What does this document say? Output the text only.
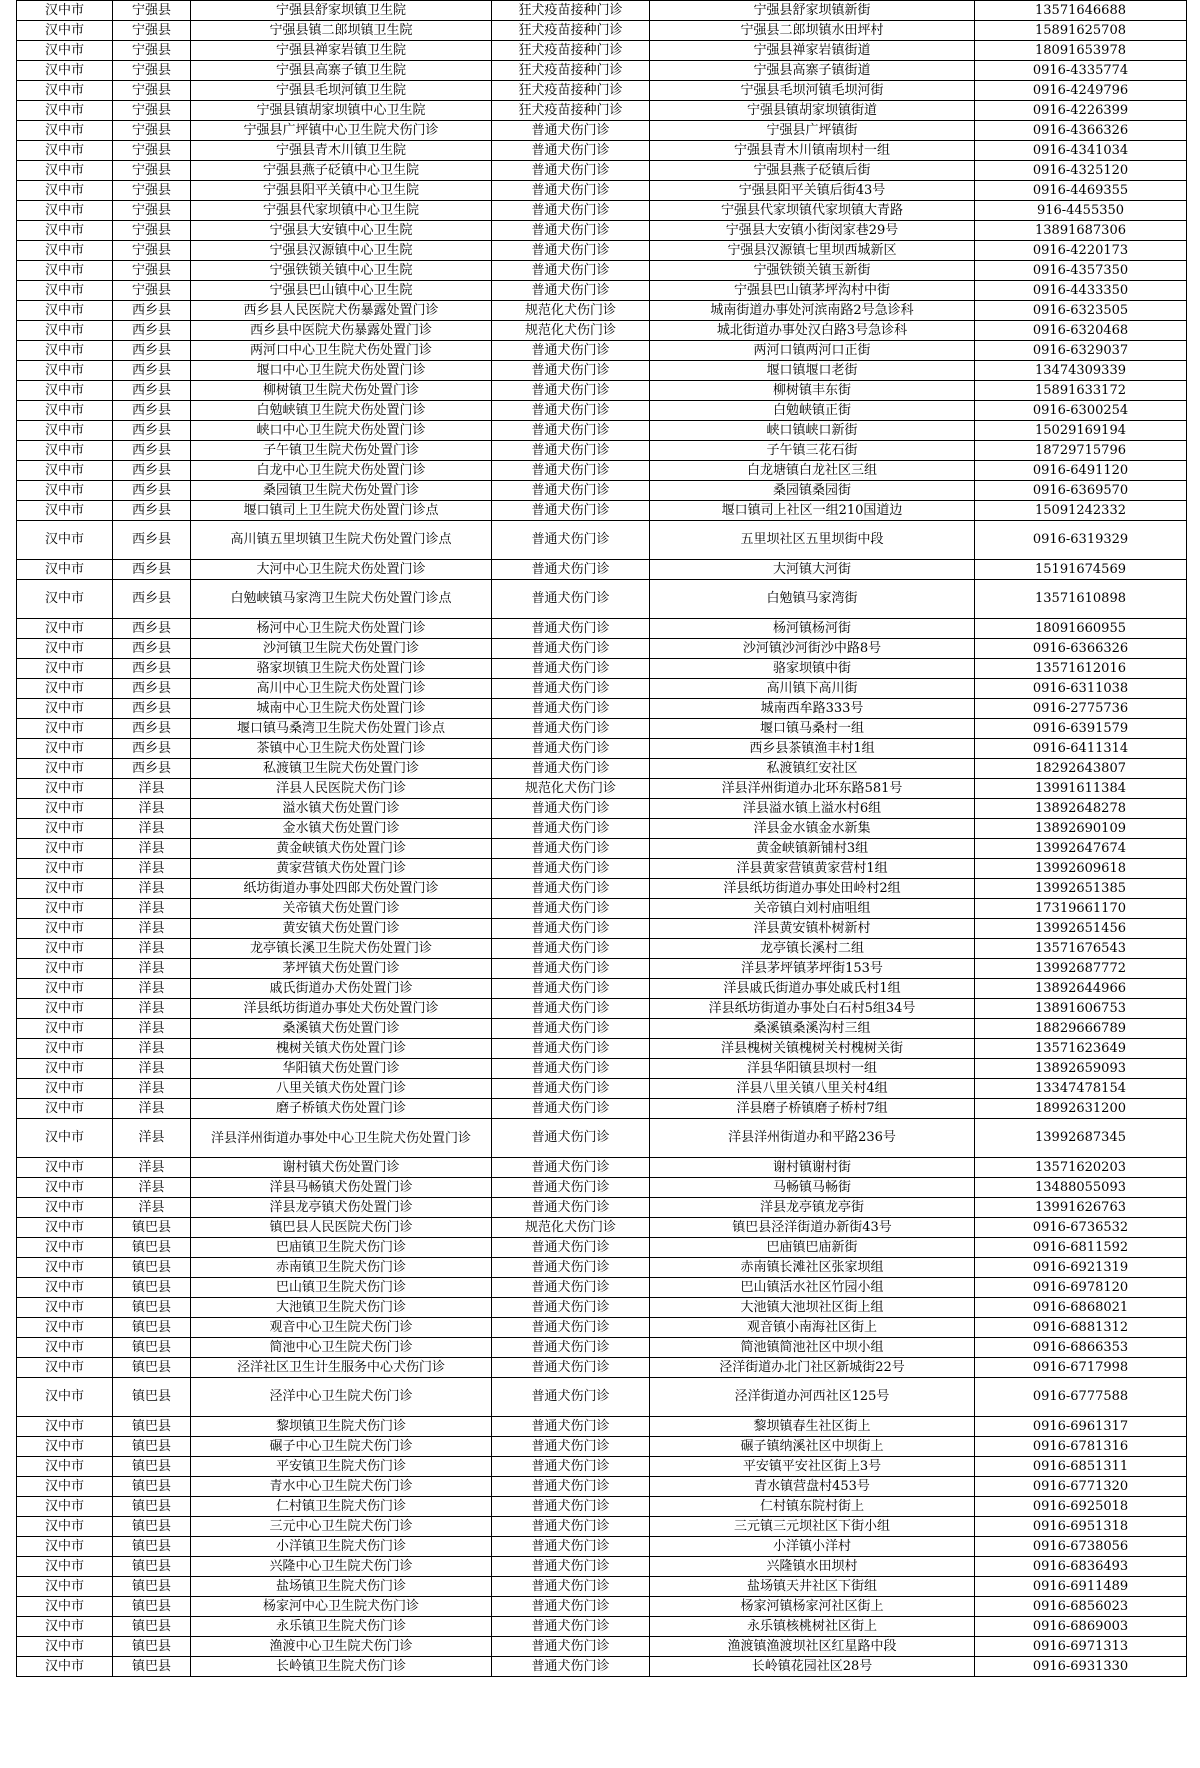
汉中市	宁强县	宁强县舒家坝镇卫生院	狂犬疫苗接种门诊	宁强县舒家坝镇新街	13571646688
汉中市	宁强县	宁强县镇二郎坝镇卫生院	狂犬疫苗接种门诊	宁强县二郎坝镇水田坪村	15891625708
汉中市	宁强县	宁强县禅家岩镇卫生院	狂犬疫苗接种门诊	宁强县禅家岩镇街道	18091653978
汉中市	宁强县	宁强县高寨子镇卫生院	狂犬疫苗接种门诊	宁强县高寨子镇街道	0916-4335774
汉中市	宁强县	宁强县毛坝河镇卫生院	狂犬疫苗接种门诊	宁强县毛坝河镇毛坝河街	0916-4249796
汉中市	宁强县	宁强县镇胡家坝镇中心卫生院	狂犬疫苗接种门诊	宁强县镇胡家坝镇街道	0916-4226399
汉中市	宁强县	宁强县广坪镇中心卫生院犬伤门诊	普通犬伤门诊	宁强县广坪镇街	0916-4366326
汉中市	宁强县	宁强县青木川镇卫生院	普通犬伤门诊	宁强县青木川镇南坝村一组	0916-4341034
汉中市	宁强县	宁强县燕子砭镇中心卫生院	普通犬伤门诊	宁强县燕子砭镇后街	0916-4325120
汉中市	宁强县	宁强县阳平关镇中心卫生院	普通犬伤门诊	宁强县阳平关镇后街43号	0916-4469355
汉中市	宁强县	宁强县代家坝镇中心卫生院	普通犬伤门诊	宁强县代家坝镇代家坝镇大青路	916-4455350
汉中市	宁强县	宁强县大安镇中心卫生院	普通犬伤门诊	宁强县大安镇小街闵家巷29号	13891687306
汉中市	宁强县	宁强县汉源镇中心卫生院	普通犬伤门诊	宁强县汉源镇七里坝西城新区	0916-4220173
汉中市	宁强县	宁强铁锁关镇中心卫生院	普通犬伤门诊	宁强铁锁关镇玉新街	0916-4357350
汉中市	宁强县	宁强县巴山镇中心卫生院	普通犬伤门诊	宁强县巴山镇茅坪沟村中街	0916-4433350
汉中市	西乡县	西乡县人民医院犬伤暴露处置门诊	规范化犬伤门诊	城南街道办事处河滨南路2号急诊科	0916-6323505
汉中市	西乡县	西乡县中医院犬伤暴露处置门诊	规范化犬伤门诊	城北街道办事处汉白路3号急诊科	0916-6320468
汉中市	西乡县	两河口中心卫生院犬伤处置门诊	普通犬伤门诊	两河口镇两河口正街	0916-6329037
汉中市	西乡县	堰口中心卫生院犬伤处置门诊	普通犬伤门诊	堰口镇堰口老街	13474309339
汉中市	西乡县	柳树镇卫生院犬伤处置门诊	普通犬伤门诊	柳树镇丰东街	15891633172
汉中市	西乡县	白勉峡镇卫生院犬伤处置门诊	普通犬伤门诊	白勉峡镇正街	0916-6300254
汉中市	西乡县	峡口中心卫生院犬伤处置门诊	普通犬伤门诊	峡口镇峡口新街	15029169194
汉中市	西乡县	子午镇卫生院犬伤处置门诊	普通犬伤门诊	子午镇三花石街	18729715796
汉中市	西乡县	白龙中心卫生院犬伤处置门诊	普通犬伤门诊	白龙塘镇白龙社区三组	0916-6491120
汉中市	西乡县	桑园镇卫生院犬伤处置门诊	普通犬伤门诊	桑园镇桑园街	0916-6369570
汉中市	西乡县	堰口镇司上卫生院犬伤处置门诊点	普通犬伤门诊	堰口镇司上社区一组210国道边	15091242332
汉中市	西乡县	高川镇五里坝镇卫生院犬伤处置门诊点	普通犬伤门诊	五里坝社区五里坝街中段	0916-6319329
汉中市	西乡县	大河中心卫生院犬伤处置门诊	普通犬伤门诊	大河镇大河街	15191674569
汉中市	西乡县	白勉峡镇马家湾卫生院犬伤处置门诊点	普通犬伤门诊	白勉镇马家湾街	13571610898
汉中市	西乡县	杨河中心卫生院犬伤处置门诊	普通犬伤门诊	杨河镇杨河街	18091660955
汉中市	西乡县	沙河镇卫生院犬伤处置门诊	普通犬伤门诊	沙河镇沙河街沙中路8号	0916-6366326
汉中市	西乡县	骆家坝镇卫生院犬伤处置门诊	普通犬伤门诊	骆家坝镇中街	13571612016
汉中市	西乡县	高川中心卫生院犬伤处置门诊	普通犬伤门诊	高川镇下高川街	0916-6311038
汉中市	西乡县	城南中心卫生院犬伤处置门诊	普通犬伤门诊	城南西牟路333号	0916-2775736
汉中市	西乡县	堰口镇马桑湾卫生院犬伤处置门诊点	普通犬伤门诊	堰口镇马桑村一组	0916-6391579
汉中市	西乡县	茶镇中心卫生院犬伤处置门诊	普通犬伤门诊	西乡县茶镇渔丰村1组	0916-6411314
汉中市	西乡县	私渡镇卫生院犬伤处置门诊	普通犬伤门诊	私渡镇红安社区	18292643807
汉中市	洋县	洋县人民医院犬伤门诊	规范化犬伤门诊	洋县洋州街道办北环东路581号	13991611384
汉中市	洋县	溢水镇犬伤处置门诊	普通犬伤门诊	洋县溢水镇上溢水村6组	13892648278
汉中市	洋县	金水镇犬伤处置门诊	普通犬伤门诊	洋县金水镇金水新集	13892690109
汉中市	洋县	黄金峡镇犬伤处置门诊	普通犬伤门诊	黄金峡镇新铺村3组	13992647674
汉中市	洋县	黄家营镇犬伤处置门诊	普通犬伤门诊	洋县黄家营镇黄家营村1组	13992609618
汉中市	洋县	纸坊街道办事处四郎犬伤处置门诊	普通犬伤门诊	洋县纸坊街道办事处田岭村2组	13992651385
汉中市	洋县	关帝镇犬伤处置门诊	普通犬伤门诊	关帝镇白刘村庙咀组	17319661170
汉中市	洋县	黄安镇犬伤处置门诊	普通犬伤门诊	洋县黄安镇朴树新村	13992651456
汉中市	洋县	龙亭镇长溪卫生院犬伤处置门诊	普通犬伤门诊	龙亭镇长溪村二组	13571676543
汉中市	洋县	茅坪镇犬伤处置门诊	普通犬伤门诊	洋县茅坪镇茅坪街153号	13992687772
汉中市	洋县	戚氏街道办犬伤处置门诊	普通犬伤门诊	洋县戚氏街道办事处戚氏村1组	13892644966
汉中市	洋县	洋县纸坊街道办事处犬伤处置门诊	普通犬伤门诊	洋县纸坊街道办事处白石村5组34号	13891606753
汉中市	洋县	桑溪镇犬伤处置门诊	普通犬伤门诊	桑溪镇桑溪沟村三组	18829666789
汉中市	洋县	槐树关镇犬伤处置门诊	普通犬伤门诊	洋县槐树关镇槐树关村槐树关街	13571623649
汉中市	洋县	华阳镇犬伤处置门诊	普通犬伤门诊	洋县华阳镇县坝村一组	13892659093
汉中市	洋县	八里关镇犬伤处置门诊	普通犬伤门诊	洋县八里关镇八里关村4组	13347478154
汉中市	洋县	磨子桥镇犬伤处置门诊	普通犬伤门诊	洋县磨子桥镇磨子桥村7组	18992631200
汉中市	洋县	洋县洋州街道办事处中心卫生院犬伤处置门诊	普通犬伤门诊	洋县洋州街道办和平路236号	13992687345
汉中市	洋县	谢村镇犬伤处置门诊	普通犬伤门诊	谢村镇谢村街	13571620203
汉中市	洋县	洋县马畅镇犬伤处置门诊	普通犬伤门诊	马畅镇马畅街	13488055093
汉中市	洋县	洋县龙亭镇犬伤处置门诊	普通犬伤门诊	洋县龙亭镇龙亭街	13991626763
汉中市	镇巴县	镇巴县人民医院犬伤门诊	规范化犬伤门诊	镇巴县泾洋街道办新街43号	0916-6736532
汉中市	镇巴县	巴庙镇卫生院犬伤门诊	普通犬伤门诊	巴庙镇巴庙新街	0916-6811592
汉中市	镇巴县	赤南镇卫生院犬伤门诊	普通犬伤门诊	赤南镇长滩社区张家坝组	0916-6921319
汉中市	镇巴县	巴山镇卫生院犬伤门诊	普通犬伤门诊	巴山镇活水社区竹园小组	0916-6978120
汉中市	镇巴县	大池镇卫生院犬伤门诊	普通犬伤门诊	大池镇大池坝社区街上组	0916-6868021
汉中市	镇巴县	观音中心卫生院犬伤门诊	普通犬伤门诊	观音镇小南海社区街上	0916-6881312
汉中市	镇巴县	简池中心卫生院犬伤门诊	普通犬伤门诊	简池镇简池社区中坝小组	0916-6866353
汉中市	镇巴县	泾洋社区卫生计生服务中心犬伤门诊	普通犬伤门诊	泾洋街道办北门社区新城街22号	0916-6717998
汉中市	镇巴县	泾洋中心卫生院犬伤门诊	普通犬伤门诊	泾洋街道办河西社区125号	0916-6777588
汉中市	镇巴县	黎坝镇卫生院犬伤门诊	普通犬伤门诊	黎坝镇春生社区街上	0916-6961317
汉中市	镇巴县	碾子中心卫生院犬伤门诊	普通犬伤门诊	碾子镇纳溪社区中坝街上	0916-6781316
汉中市	镇巴县	平安镇卫生院犬伤门诊	普通犬伤门诊	平安镇平安社区街上3号	0916-6851311
汉中市	镇巴县	青水中心卫生院犬伤门诊	普通犬伤门诊	青水镇营盘村453号	0916-6771320
汉中市	镇巴县	仁村镇卫生院犬伤门诊	普通犬伤门诊	仁村镇东院村街上	0916-6925018
汉中市	镇巴县	三元中心卫生院犬伤门诊	普通犬伤门诊	三元镇三元坝社区下街小组	0916-6951318
汉中市	镇巴县	小洋镇卫生院犬伤门诊	普通犬伤门诊	小洋镇小洋村	0916-6738056
汉中市	镇巴县	兴隆中心卫生院犬伤门诊	普通犬伤门诊	兴隆镇水田坝村	0916-6836493
汉中市	镇巴县	盐场镇卫生院犬伤门诊	普通犬伤门诊	盐场镇天井社区下街组	0916-6911489
汉中市	镇巴县	杨家河中心卫生院犬伤门诊	普通犬伤门诊	杨家河镇杨家河社区街上	0916-6856023
汉中市	镇巴县	永乐镇卫生院犬伤门诊	普通犬伤门诊	永乐镇核桃树社区街上	0916-6869003
汉中市	镇巴县	渔渡中心卫生院犬伤门诊	普通犬伤门诊	渔渡镇渔渡坝社区红星路中段	0916-6971313
汉中市	镇巴县	长岭镇卫生院犬伤门诊	普通犬伤门诊	长岭镇花园社区28号	0916-6931330
